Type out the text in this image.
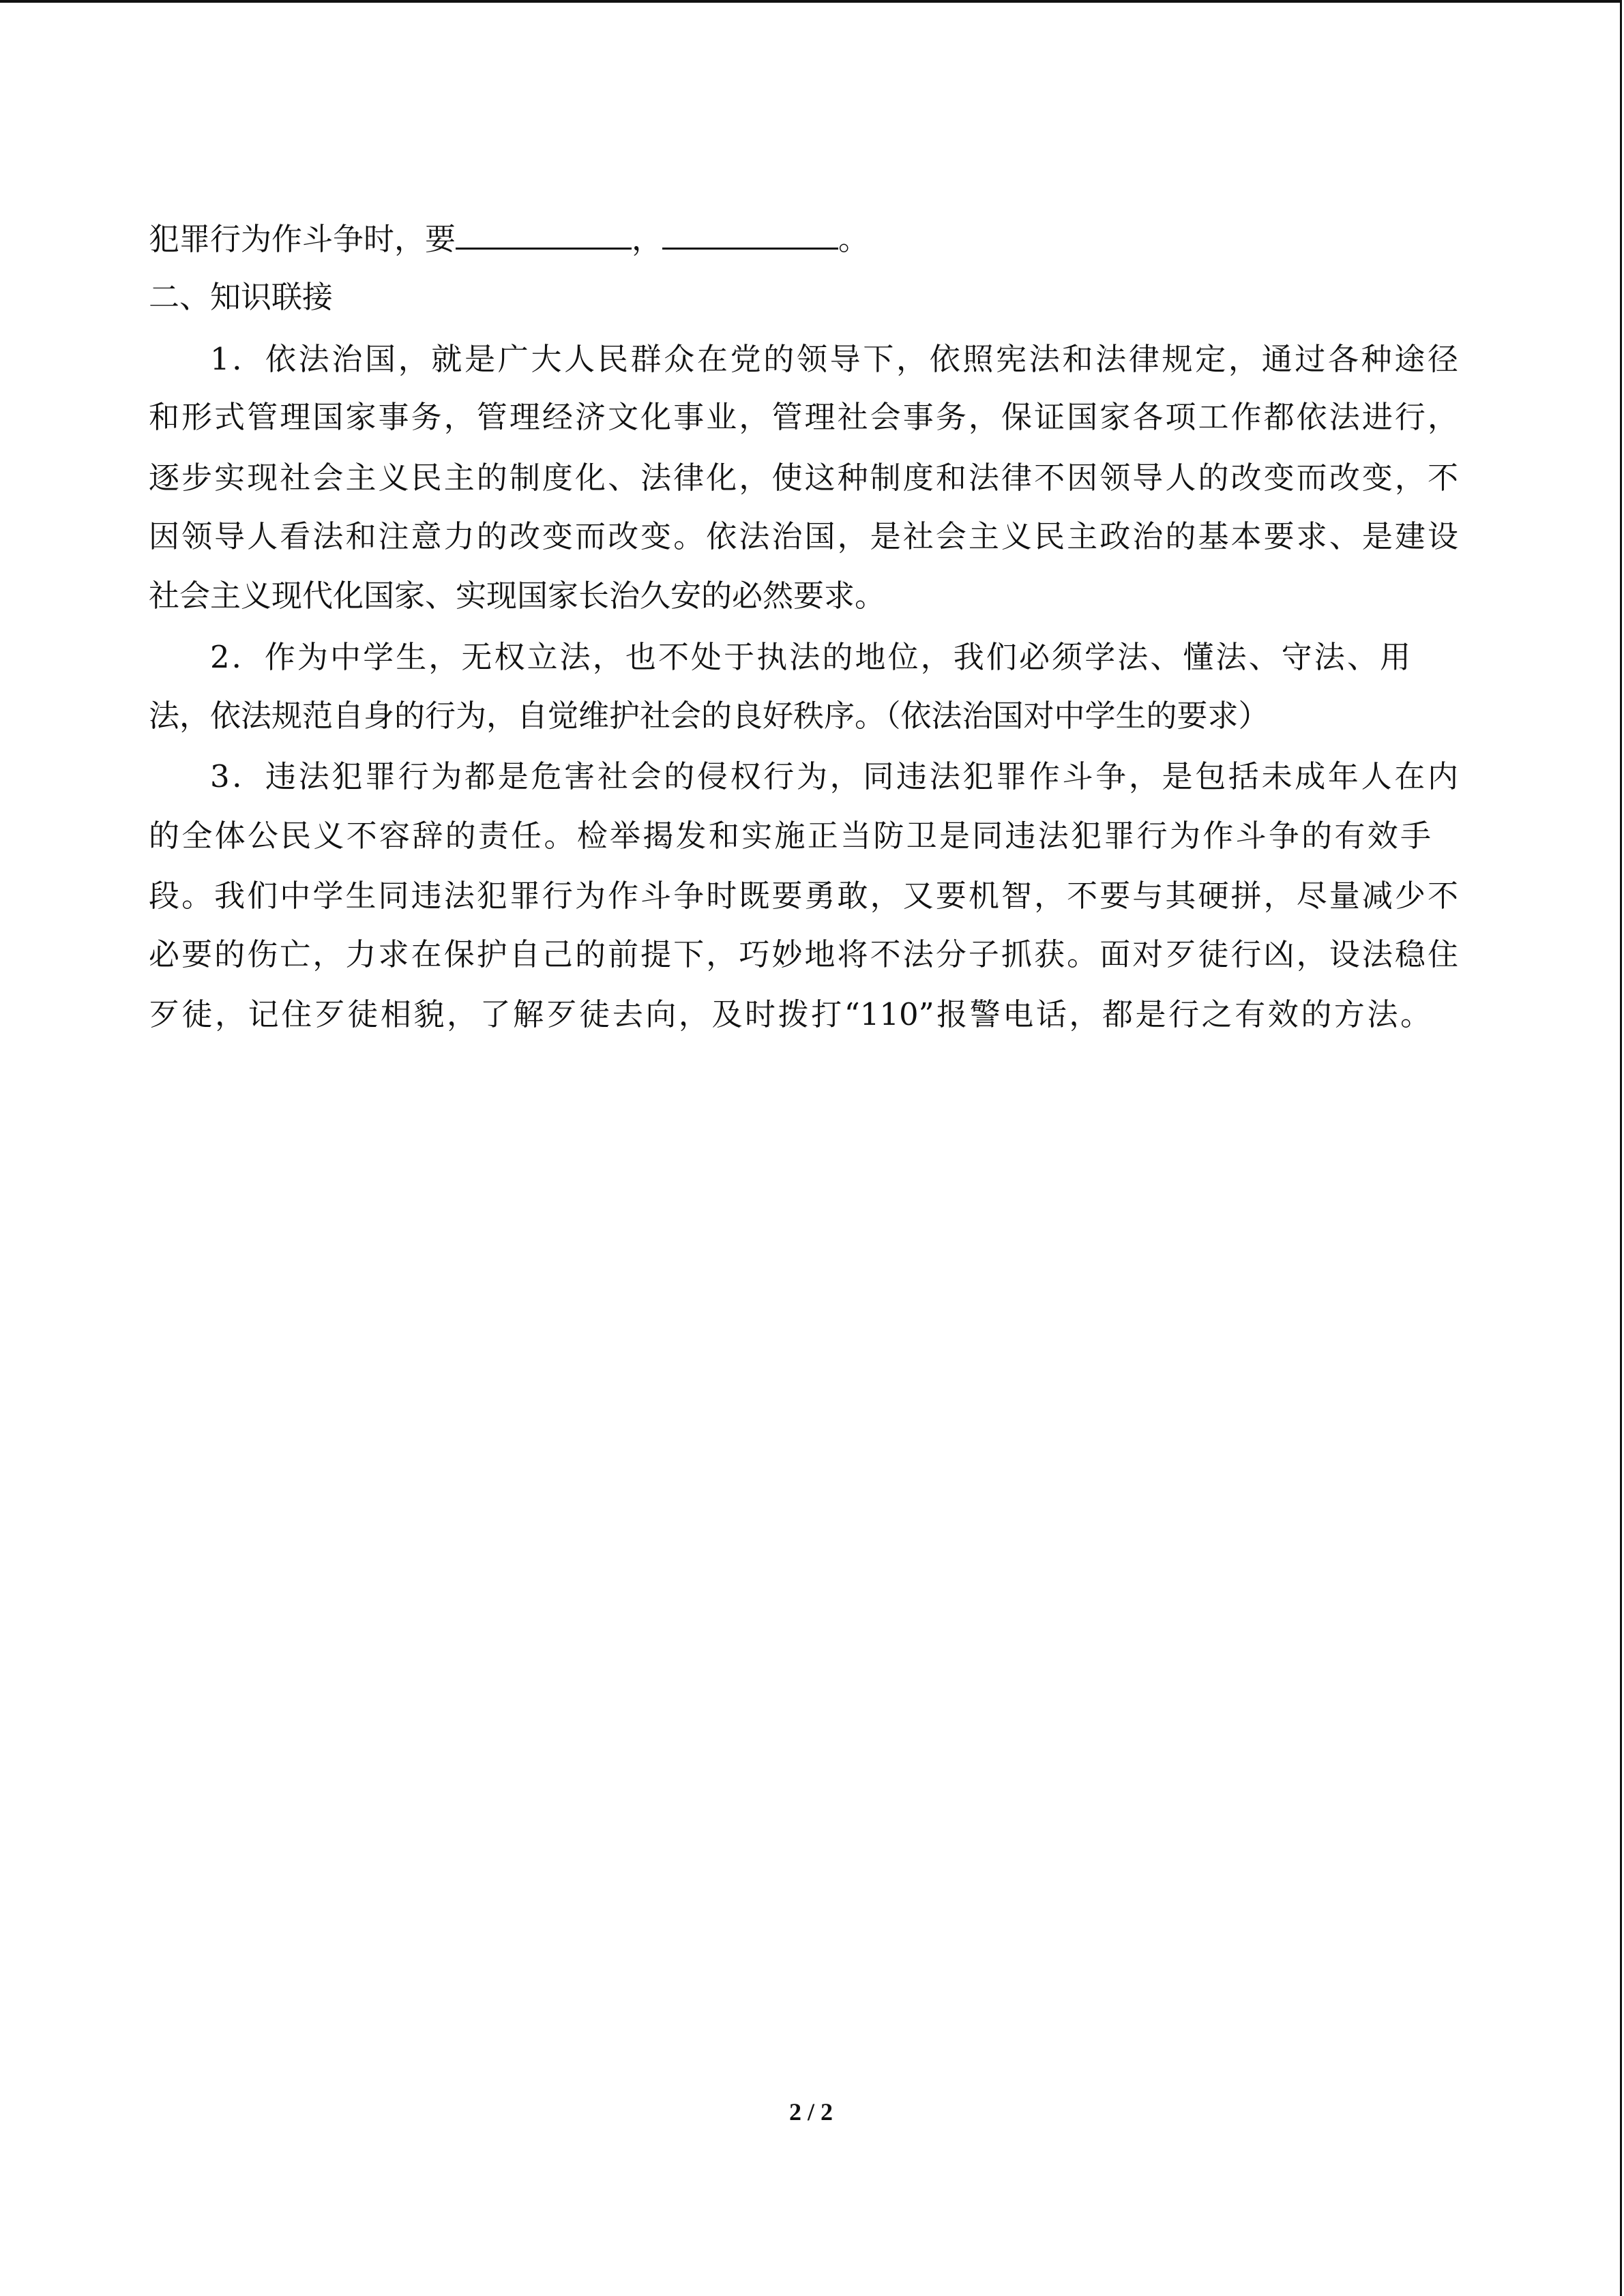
犯罪行为作斗争时，要	，	。
二、知识联接
1．依法治国，就是广大人民群众在党的领导下，依照宪法和法律规定，通过各种途径
和形式管理国家事务，管理经济文化事业，管理社会事务，保证国家各项工作都依法进行，
逐步实现社会主义民主的制度化、法律化，使这种制度和法律不因领导人的改变而改变，不
因领导人看法和注意力的改变而改变。依法治国，是社会主义民主政治的基本要求、是建设
社会主义现代化国家、实现国家长治久安的必然要求。
2．作为中学生，无权立法，也不处于执法的地位，我们必须学法、懂法、守法、用
法，依法规范自身的行为，自觉维护社会的良好秩序。（依法治国对中学生的要求）
3．违法犯罪行为都是危害社会的侵权行为，同违法犯罪作斗争，是包括未成年人在内
的全体公民义不容辞的责任。检举揭发和实施正当防卫是同违法犯罪行为作斗争的有效手
段。我们中学生同违法犯罪行为作斗争时既要勇敢，又要机智，不要与其硬拼，尽量减少不
必要的伤亡，力求在保护自己的前提下，巧妙地将不法分子抓获。面对歹徒行凶，设法稳住
歹徒，记住歹徒相貌，了解歹徒去向，及时拨打“110”报警电话，都是行之有效的方法。
2 / 2
